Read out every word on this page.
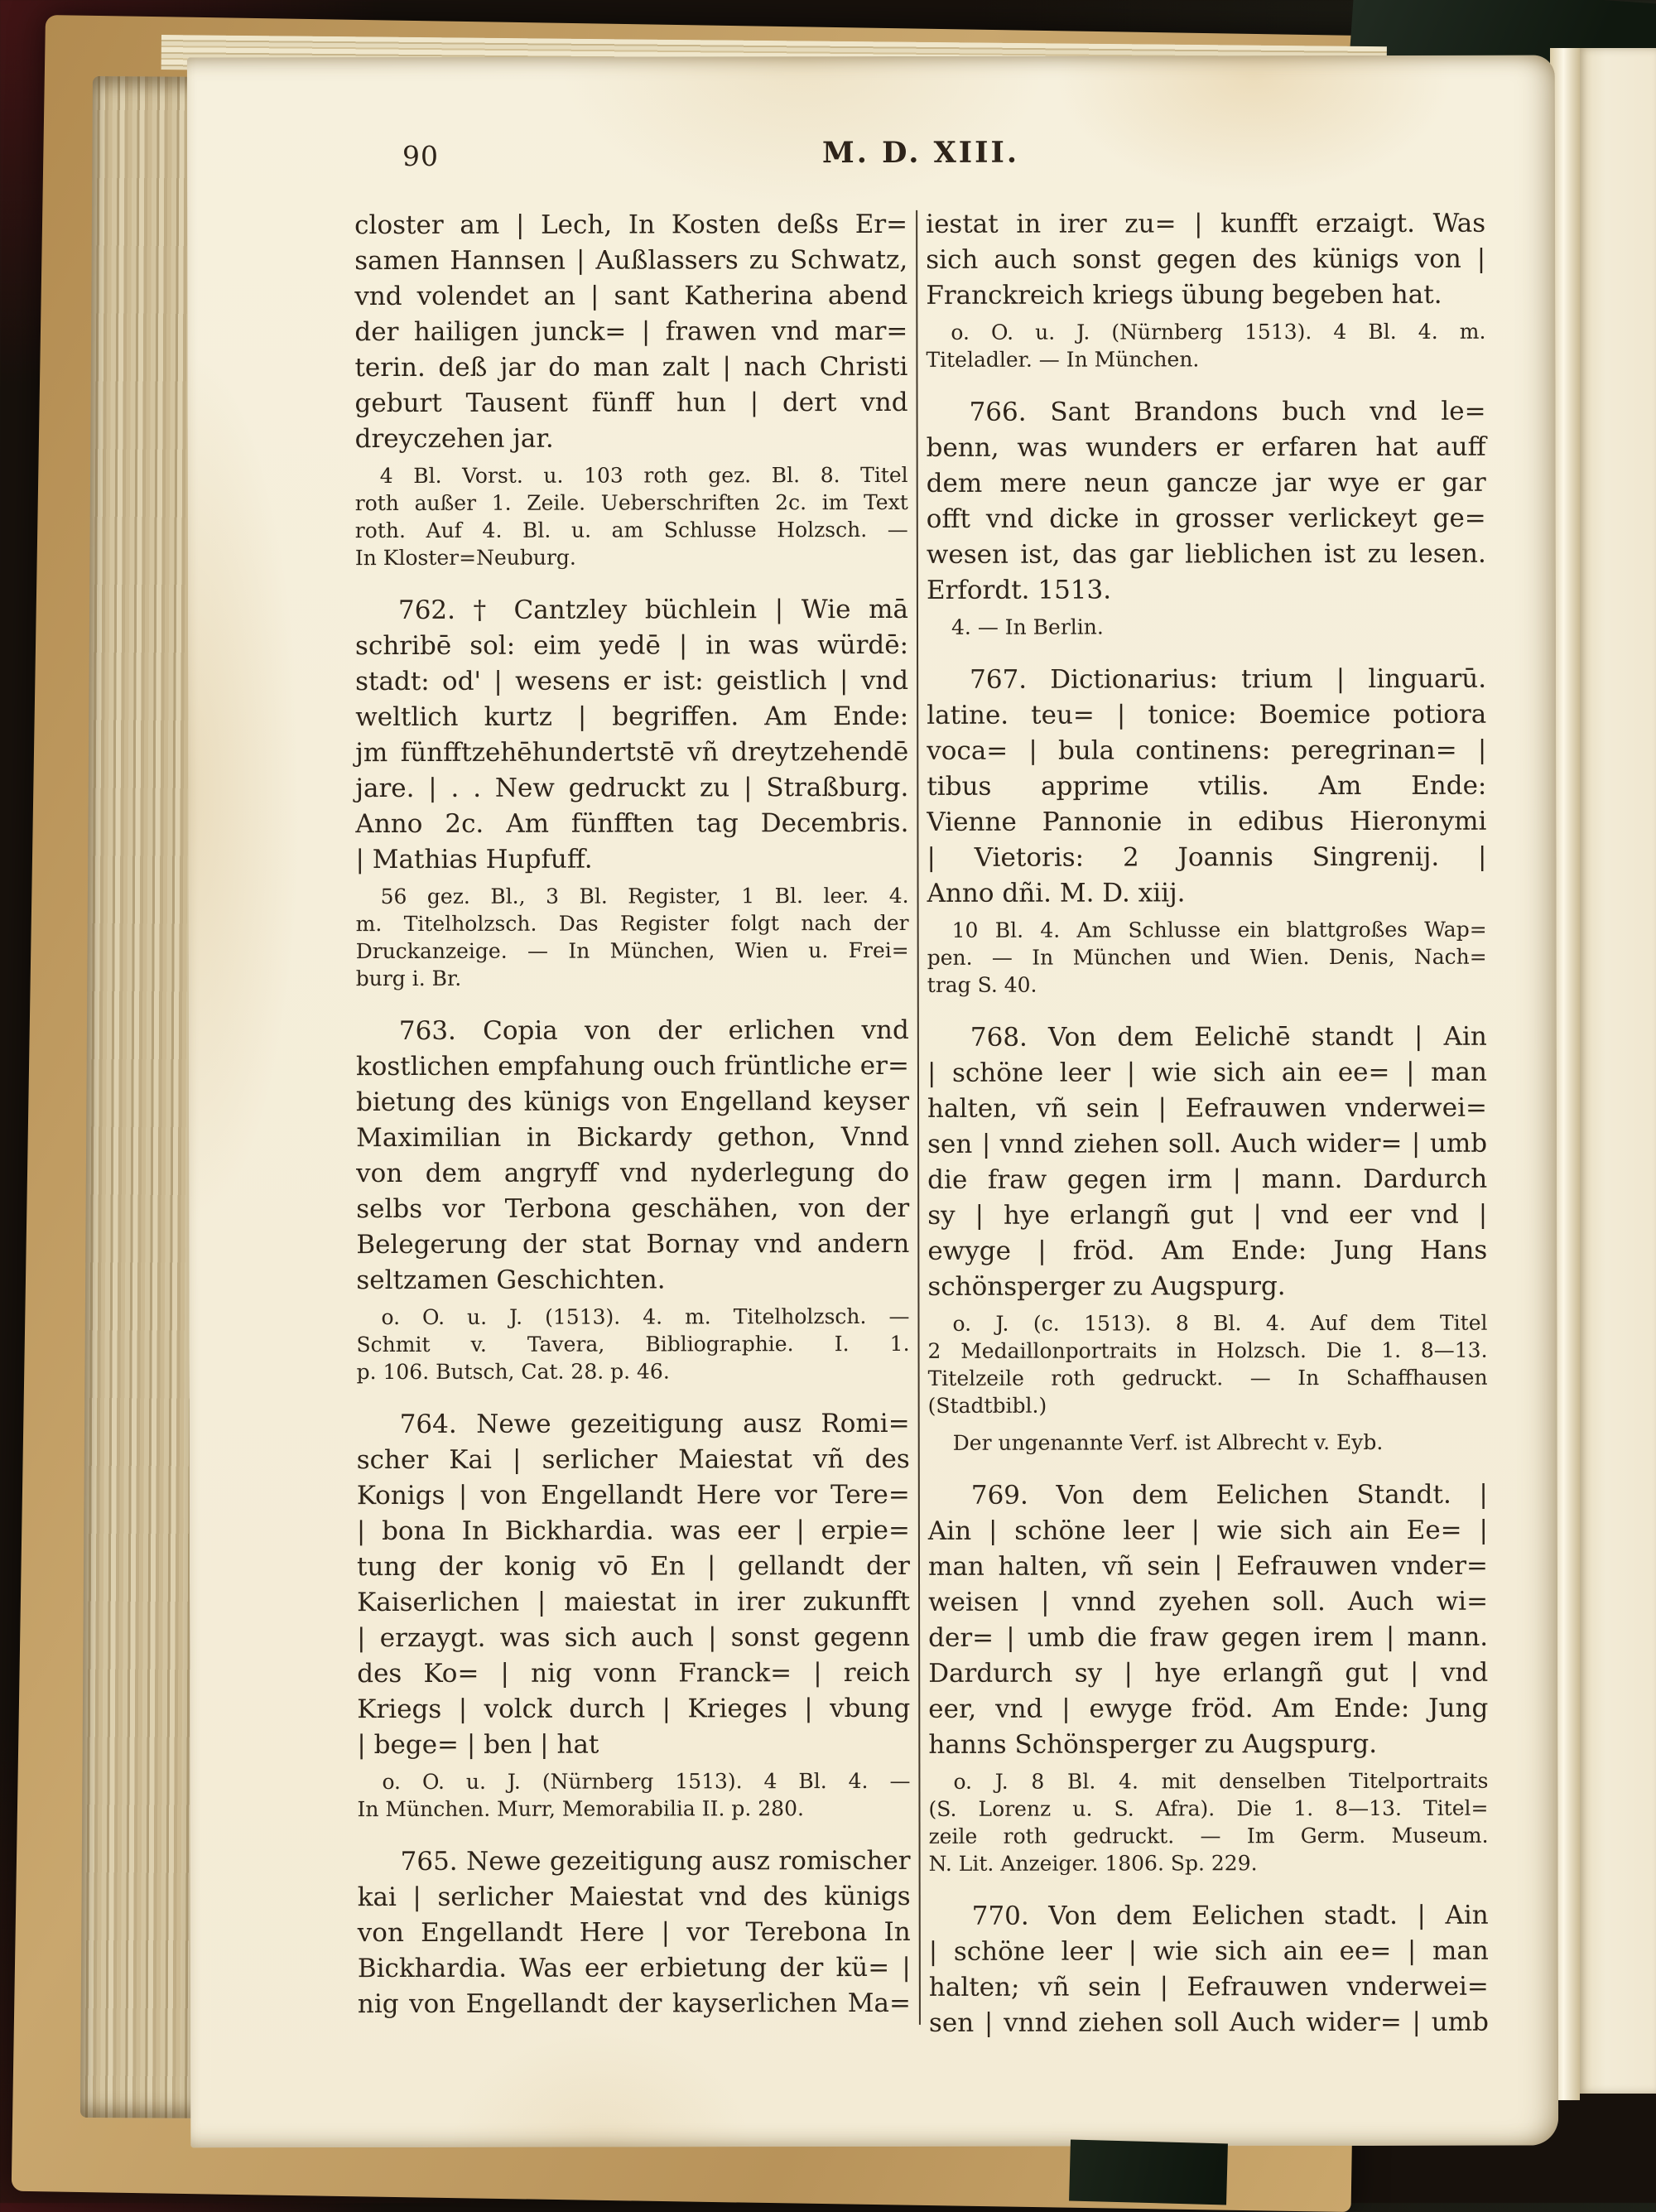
90	M. D. XIII.

closter am | Lech, In Kosten deßs Er=
samen Hannsen | Außlassers zu Schwatz,
vnd volendet an | sant Katherina abend
der hailigen junck= | frawen vnd mar=
terin. deß jar do man zalt | nach Christi
geburt Tausent fünff hun | dert vnd
dreyczehen jar.

4 Bl. Vorst. u. 103 roth gez. Bl. 8. Titel
roth außer 1. Zeile. Ueberschriften 2c. im Text
roth. Auf 4. Bl. u. am Schlusse Holzsch. —
In Kloster=Neuburg.

762. † Cantzley büchlein | Wie mā
schribē sol: eim yedē | in was würdē:
stadt: od' | wesens er ist: geistlich | vnd
weltlich kurtz | begriffen. Am Ende:
jm fünfftzehēhundertstē vñ dreytzehendē
jare. | . . New gedruckt zu | Straßburg.
Anno 2c. Am fünfften tag Decembris.
| Mathias Hupfuff.

56 gez. Bl., 3 Bl. Register, 1 Bl. leer. 4.
m. Titelholzsch. Das Register folgt nach der
Druckanzeige. — In München, Wien u. Frei=
burg i. Br.

763. Copia von der erlichen vnd
kostlichen empfahung ouch früntliche er=
bietung des künigs von Engelland keyser
Maximilian in Bickardy gethon, Vnnd
von dem angryff vnd nyderlegung do
selbs vor Terbona geschähen, von der
Belegerung der stat Bornay vnd andern
seltzamen Geschichten.

o. O. u. J. (1513). 4. m. Titelholzsch. —
Schmit v. Tavera, Bibliographie. I. 1.
p. 106. Butsch, Cat. 28. p. 46.

764. Newe gezeitigung ausz Romi=
scher Kai | serlicher Maiestat vñ des
Konigs | von Engellandt Here vor Tere=
| bona In Bickhardia. was eer | erpie=
tung der konig vō En | gellandt der
Kaiserlichen | maiestat in irer zukunfft
| erzaygt. was sich auch | sonst gegenn
des Ko= | nig vonn Franck= | reich
Kriegs | volck durch | Krieges | vbung
| bege= | ben | hat

o. O. u. J. (Nürnberg 1513). 4 Bl. 4. —
In München. Murr, Memorabilia II. p. 280.

765. Newe gezeitigung ausz romischer
kai | serlicher Maiestat vnd des künigs
von Engellandt Here | vor Terebona In
Bickhardia. Was eer erbietung der kü= |
nig von Engellandt der kayserlichen Ma=

iestat in irer zu= | kunfft erzaigt. Was
sich auch sonst gegen des künigs von |
Franckreich kriegs übung begeben hat.

o. O. u. J. (Nürnberg 1513). 4 Bl. 4. m.
Titeladler. — In München.

766. Sant Brandons buch vnd le=
benn, was wunders er erfaren hat auff
dem mere neun gancze jar wye er gar
offt vnd dicke in grosser verlickeyt ge=
wesen ist, das gar lieblichen ist zu lesen.
Erfordt. 1513.

4. — In Berlin.

767. Dictionarius: trium | linguarū.
latine. teu= | tonice: Boemice potiora
voca= | bula continens: peregrinan= |
tibus apprime vtilis. Am Ende:
Vienne Pannonie in edibus Hieronymi
| Vietoris: 2 Joannis Singrenij. |
Anno dñi. M. D. xiij.

10 Bl. 4. Am Schlusse ein blattgroßes Wap=
pen. — In München und Wien. Denis, Nach=
trag S. 40.

768. Von dem Eelichē standt | Ain
| schöne leer | wie sich ain ee= | man
halten, vñ sein | Eefrauwen vnderwei=
sen | vnnd ziehen soll. Auch wider= | umb
die fraw gegen irm | mann. Dardurch
sy | hye erlangñ gut | vnd eer vnd |
ewyge | fröd. Am Ende: Jung Hans
schönsperger zu Augspurg.

o. J. (c. 1513). 8 Bl. 4. Auf dem Titel
2 Medaillonportraits in Holzsch. Die 1. 8—13.
Titelzeile roth gedruckt. — In Schaffhausen
(Stadtbibl.)

Der ungenannte Verf. ist Albrecht v. Eyb.

769. Von dem Eelichen Standt. |
Ain | schöne leer | wie sich ain Ee= |
man halten, vñ sein | Eefrauwen vnder=
weisen | vnnd zyehen soll. Auch wi=
der= | umb die fraw gegen irem | mann.
Dardurch sy | hye erlangñ gut | vnd
eer, vnd | ewyge fröd. Am Ende: Jung
hanns Schönsperger zu Augspurg.

o. J. 8 Bl. 4. mit denselben Titelportraits
(S. Lorenz u. S. Afra). Die 1. 8—13. Titel=
zeile roth gedruckt. — Im Germ. Museum.
N. Lit. Anzeiger. 1806. Sp. 229.

770. Von dem Eelichen stadt. | Ain
| schöne leer | wie sich ain ee= | man
halten; vñ sein | Eefrauwen vnderwei=
sen | vnnd ziehen soll Auch wider= | umb
